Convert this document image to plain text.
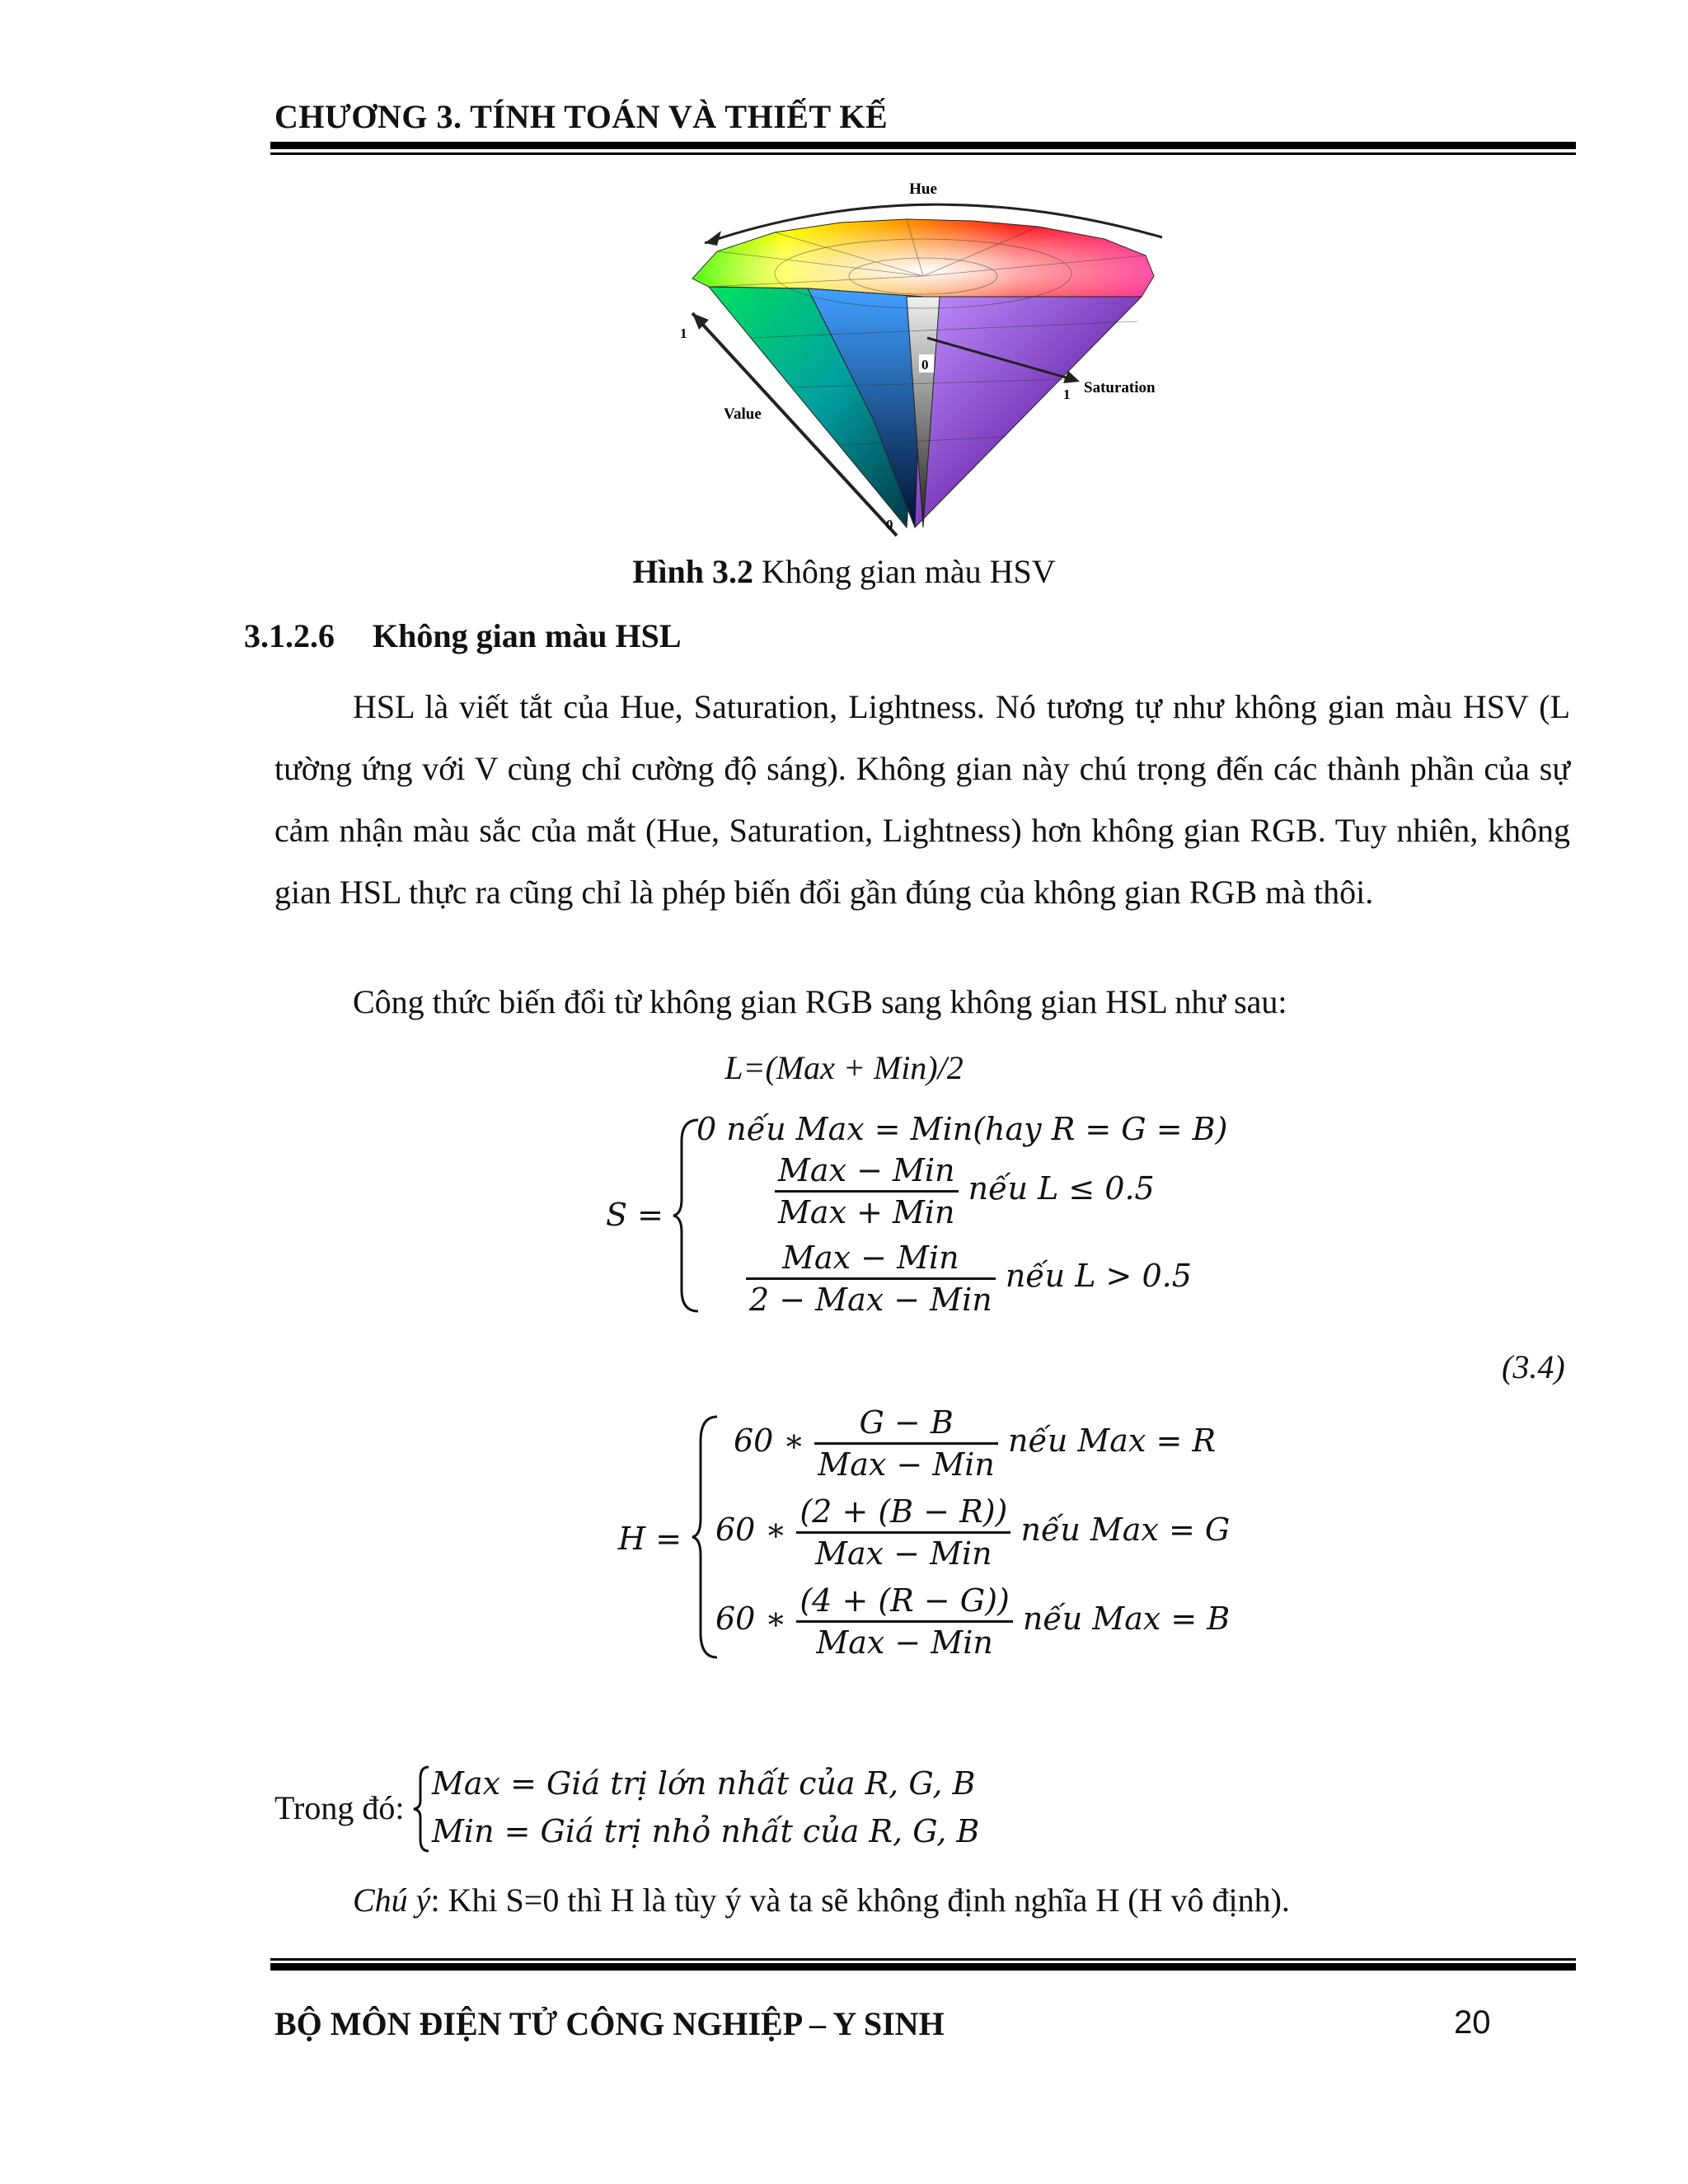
CHƯƠNG 3. TÍNH TOÁN VÀ THIẾT KẾ
Hue
Saturation
Value
1
0
0
1
Hình 3.2 Không gian màu HSV
3.1.2.6 Không gian màu HSL

HSL là viết tắt của Hue, Saturation, Lightness. Nó tương tự như không gian màu HSV (L tường ứng với V cùng chỉ cường độ sáng). Không gian này chú trọng đến các thành phần của sự cảm nhận màu sắc của mắt (Hue, Saturation, Lightness) hơn không gian RGB. Tuy nhiên, không gian HSL thực ra cũng chỉ là phép biến đổi gần đúng của không gian RGB mà thôi.

Công thức biến đổi từ không gian RGB sang không gian HSL như sau:
L=(Max + Min)/2
S =
0 nếu Max = Min(hay R = G = B)
$\frac{\text{Max − Min}}{\text{Max + Min}}$ nếu L ≤ 0.5
$\frac{\text{Max − Min}}{\text{2 − Max − Min}}$ nếu L > 0.5
(3.4)
H =
60 ∗ $\frac{G - B}{\text{Max − Min}}$ nếu Max = R
60 ∗ $\frac{(2 + (B - R))}{\text{Max − Min}}$ nếu Max = G
60 ∗ $\frac{(4 + (R - G))}{\text{Max − Min}}$ nếu Max = B
Trong đó:
Max = Giá trị lớn nhất của R, G, B
Min = Giá trị nhỏ nhất của R, G, B
Chú ý: Khi S=0 thì H là tùy ý và ta sẽ không định nghĩa H (H vô định).
BỘ MÔN ĐIỆN TỬ CÔNG NGHIỆP – Y SINH	20
